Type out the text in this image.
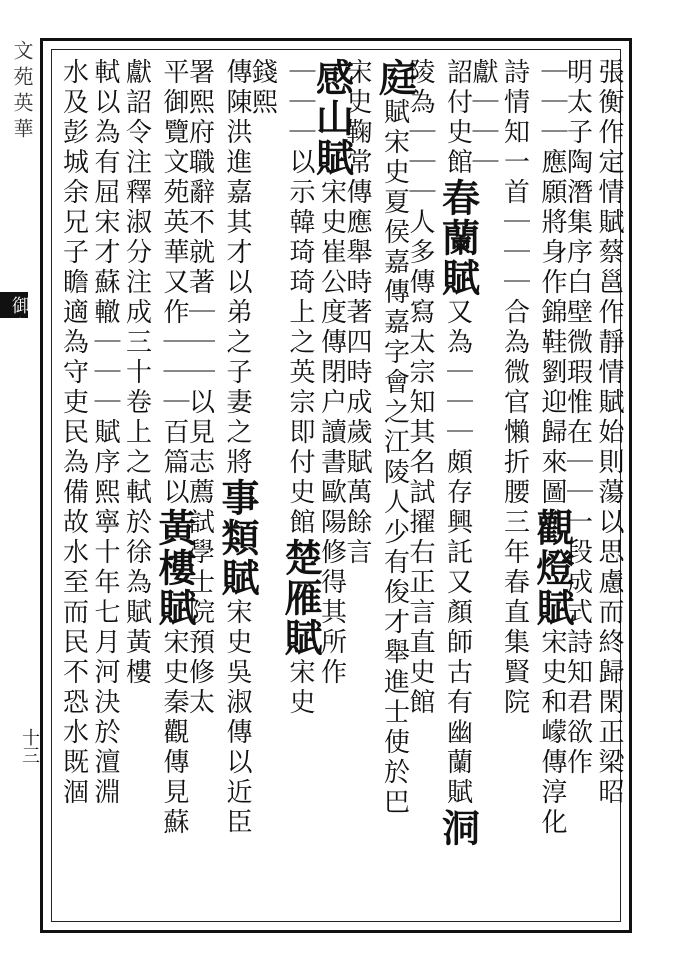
文苑英華
御定佩文韻府
十三	張衡作定情賦蔡邕作靜情賦始則蕩以思慮而終歸閑正梁昭
明太子陶潛集序白壁微瑕惟在｜｜一段成式詩知君欲作
｜｜｜應願將身作錦鞋劉迎歸來圖觀燈賦宋史和㠓傳淳化
詩情知一首｜｜｜合為微官懶折腰三年春直集賢院
獻｜｜｜
詔付史館春蘭賦又為｜｜｜頗存興託又顏師古有幽蘭賦洞
陵為｜｜｜人多傳寫太宗知其名試擢右正言直史館
庭賦宋史夏侯嘉傳嘉字會之江陵人少有俊才舉進士使於巴
宋史鞠常傳應舉時著四時成歲賦萬餘言
感山賦宋史崔公度傳閉户讀書歐陽修得其所作
｜｜｜以示韓琦琦上之英宗即付史館楚雁賦宋史
錢熙
傳陳洪進嘉其才以弟之子妻之將事類賦宋史吳淑傳以近臣
署熙府職辭不就著｜｜｜以見志薦試學士院預修太
平御覽文苑英華又作｜｜｜百篇以黃樓賦宋史秦觀傳見蘇
獻詔令注釋淑分注成三十卷上之軾於徐為賦黃樓
軾以為有屈宋才蘇轍｜｜｜賦序熙寧十年七月河決於澶淵
水及彭城余兄子瞻適為守吏民為備故水至而民不恐水既涸
